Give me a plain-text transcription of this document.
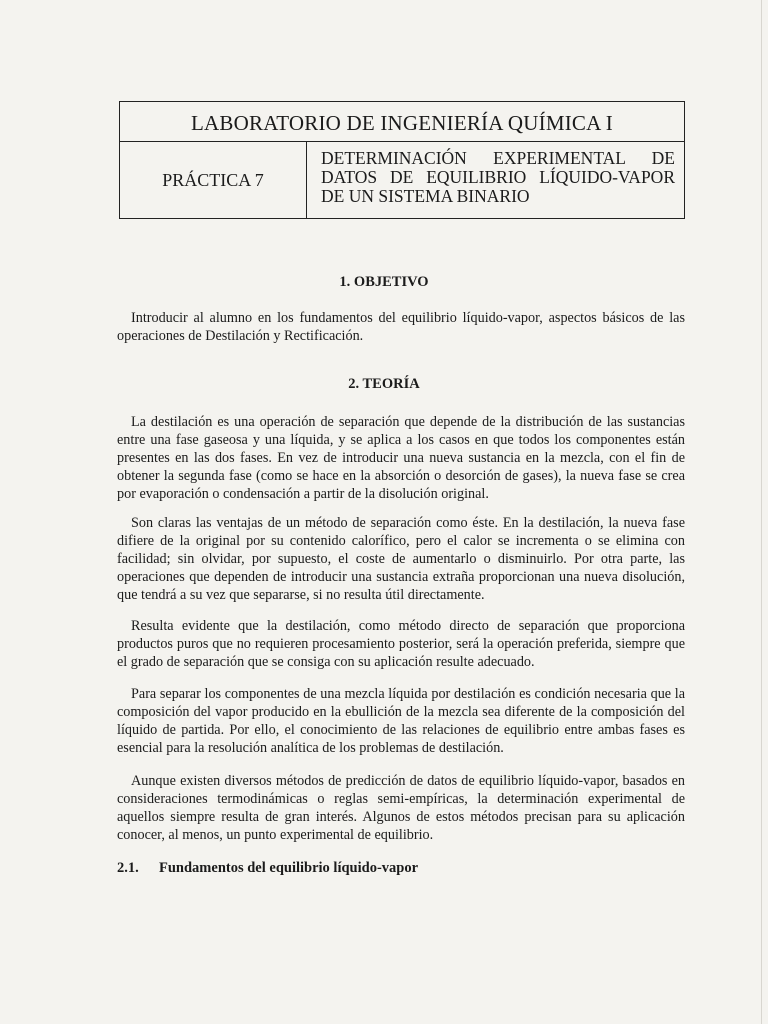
LABORATORIO DE INGENIERÍA QUÍMICA I
PRÁCTICA 7
DETERMINACIÓN EXPERIMENTAL DE
DATOS DE EQUILIBRIO LÍQUIDO-VAPOR
DE UN SISTEMA BINARIO
1. OBJETIVO

Introducir al alumno en los fundamentos del equilibrio líquido-vapor, aspectos básicos de las operaciones de Destilación y Rectificación.

2. TEORÍA

La destilación es una operación de separación que depende de la distribución de las sustancias entre una fase gaseosa y una líquida, y se aplica a los casos en que todos los componentes están presentes en las dos fases. En vez de introducir una nueva sustancia en la mezcla, con el fin de obtener la segunda fase (como se hace en la absorción o desorción de gases), la nueva fase se crea por evaporación o condensación a partir de la disolución original.

Son claras las ventajas de un método de separación como éste. En la destilación, la nueva fase difiere de la original por su contenido calorífico, pero el calor se incrementa o se elimina con facilidad; sin olvidar, por supuesto, el coste de aumentarlo o disminuirlo. Por otra parte, las operaciones que dependen de introducir una sustancia extraña proporcionan una nueva disolución, que tendrá a su vez que separarse, si no resulta útil directamente.

Resulta evidente que la destilación, como método directo de separación que proporciona productos puros que no requieren procesamiento posterior, será la operación preferida, siempre que el grado de separación que se consiga con su aplicación resulte adecuado.

Para separar los componentes de una mezcla líquida por destilación es condición necesaria que la composición del vapor producido en la ebullición de la mezcla sea diferente de la composición del líquido de partida. Por ello, el conocimiento de las relaciones de equilibrio entre ambas fases es esencial para la resolución analítica de los problemas de destilación.

Aunque existen diversos métodos de predicción de datos de equilibrio líquido-vapor, basados en consideraciones termodinámicas o reglas semi-empíricas, la determinación experimental de aquellos siempre resulta de gran interés. Algunos de estos métodos precisan para su aplicación conocer, al menos, un punto experimental de equilibrio.

2.1. Fundamentos del equilibrio líquido-vapor
